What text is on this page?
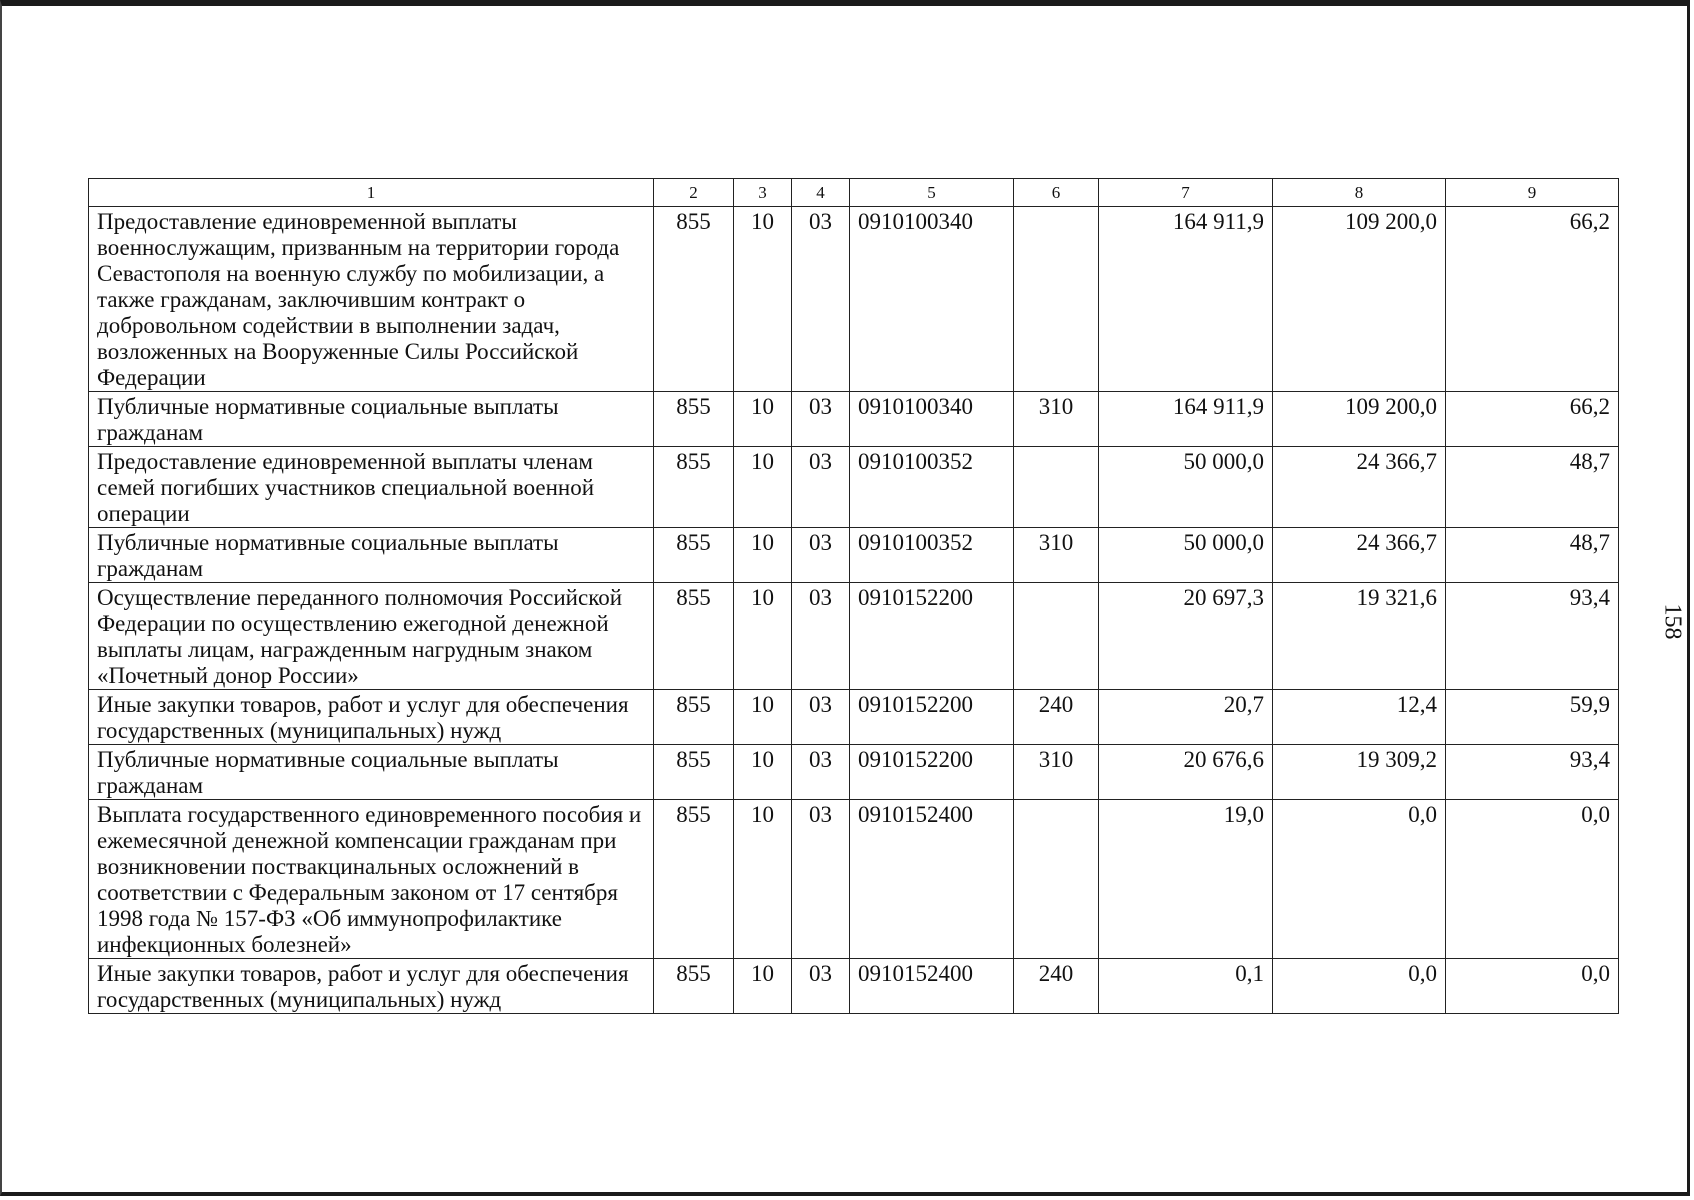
1	2	3	4	5	6	7	8	9
Предоставление единовременной выплаты военнослужащим, призванным на территории города Севастополя на военную службу по мобилизации, а также гражданам, заключившим контракт о добровольном содействии в выполнении задач, возложенных на Вооруженные Силы Российской Федерации	855	10	03	0910100340		164 911,9	109 200,0	66,2
Публичные нормативные социальные выплаты гражданам	855	10	03	0910100340	310	164 911,9	109 200,0	66,2
Предоставление единовременной выплаты членам семей погибших участников специальной военной операции	855	10	03	0910100352		50 000,0	24 366,7	48,7
Публичные нормативные социальные выплаты гражданам	855	10	03	0910100352	310	50 000,0	24 366,7	48,7
Осуществление переданного полномочия Российской Федерации по осуществлению ежегодной денежной выплаты лицам, награжденным нагрудным знаком «Почетный донор России»	855	10	03	0910152200		20 697,3	19 321,6	93,4
Иные закупки товаров, работ и услуг для обеспечения государственных (муниципальных) нужд	855	10	03	0910152200	240	20,7	12,4	59,9
Публичные нормативные социальные выплаты гражданам	855	10	03	0910152200	310	20 676,6	19 309,2	93,4
Выплата государственного единовременного пособия и ежемесячной денежной компенсации гражданам при возникновении поствакцинальных осложнений в соответствии с Федеральным законом от 17 сентября 1998 года № 157-ФЗ «Об иммунопрофилактике инфекционных болезней»	855	10	03	0910152400		19,0	0,0	0,0
Иные закупки товаров, работ и услуг для обеспечения государственных (муниципальных) нужд	855	10	03	0910152400	240	0,1	0,0	0,0
158
